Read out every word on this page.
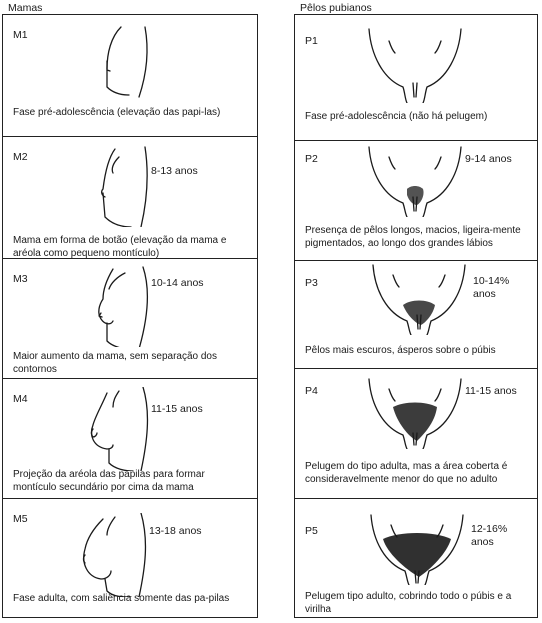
Mamas
M1

Fase pré-adolescência (elevação das papi-las)

M2
8-13 anos

Mama em forma de botão (elevação da mama e aréola como pequeno montículo)

M3	10-14 anos

Maior aumento da mama, sem separação dos contornos

M4
11-15 anos

Projeção da aréola das papilas para formar montículo secundário por cima da mama

M5
13-18 anos

Fase adulta, com saliência somente das pa-pilas

Pêlos pubianos
P1

Fase pré-adolescência (não há pelugem)

P2	9-14 anos

Presença de pêlos longos, macios, ligeira-mente pigmentados, ao longo dos grandes lábios

P3	10-14% anos

Pêlos mais escuros, ásperos sobre o púbis

P4	11-15 anos

Pelugem do tipo adulta, mas a área coberta é consideravelmente menor do que no adulto

P5	12-16% anos

Pelugem tipo adulto, cobrindo todo o púbis e a virilha
